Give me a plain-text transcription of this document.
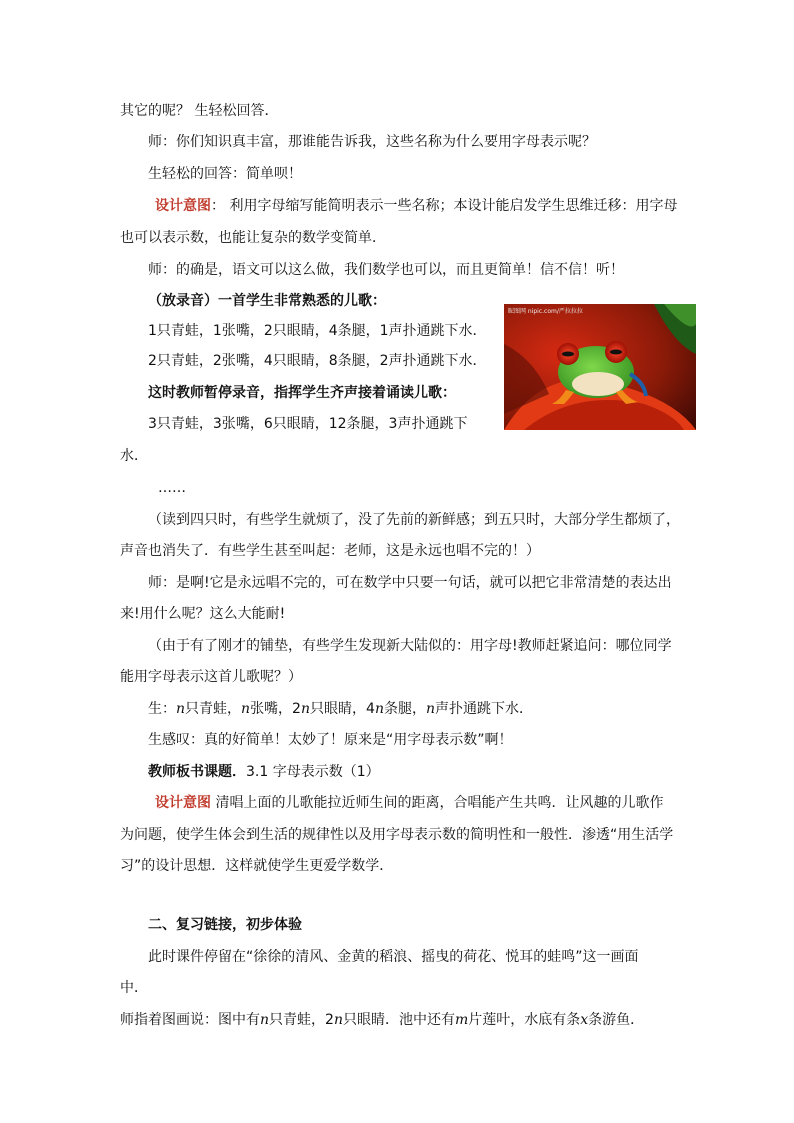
其它的呢？ 生轻松回答．
师：你们知识真丰富，那谁能告诉我，这些名称为什么要用字母表示呢？
生轻松的回答：简单呗！
设计意图： 利用字母缩写能简明表示一些名称；本设计能启发学生思维迁移：用字母
也可以表示数，也能让复杂的数学变简单．
师：的确是，语文可以这么做，我们数学也可以，而且更简单！信不信！听！
（放录音）一首学生非常熟悉的儿歌：
1只青蛙，1张嘴，2只眼睛，4条腿，1声扑通跳下水．
2只青蛙，2张嘴，4只眼睛，8条腿，2声扑通跳下水．
这时教师暂停录音，指挥学生齐声接着诵读儿歌：
3只青蛙，3张嘴，6只眼睛，12条腿，3声扑通跳下
水．
……
昵图网 nipic.com/严拉拉拉
（读到四只时，有些学生就烦了，没了先前的新鲜感；到五只时，大部分学生都烦了，
声音也消失了．有些学生甚至叫起：老师，这是永远也唱不完的！）
师：是啊!它是永远唱不完的，可在数学中只要一句话，就可以把它非常清楚的表达出
来!用什么呢？这么大能耐!
（由于有了刚才的铺垫，有些学生发现新大陆似的：用字母!教师赶紧追问：哪位同学
能用字母表示这首儿歌呢？）
生：n只青蛙，n张嘴，2n只眼睛，4n条腿，n声扑通跳下水．
生感叹：真的好简单！太妙了！原来是“用字母表示数”啊！
教师板书课题．3.1 字母表示数（1）
设计意图 清唱上面的儿歌能拉近师生间的距离，合唱能产生共鸣．让风趣的儿歌作
为问题，使学生体会到生活的规律性以及用字母表示数的简明性和一般性．渗透“用生活学
习”的设计思想．这样就使学生更爱学数学．
二、复习链接，初步体验
此时课件停留在“徐徐的清风、金黄的稻浪、摇曳的荷花、悦耳的蛙鸣”这一画面
中．
师指着图画说：图中有n只青蛙，2n只眼睛．池中还有m片莲叶，水底有条x条游鱼．
